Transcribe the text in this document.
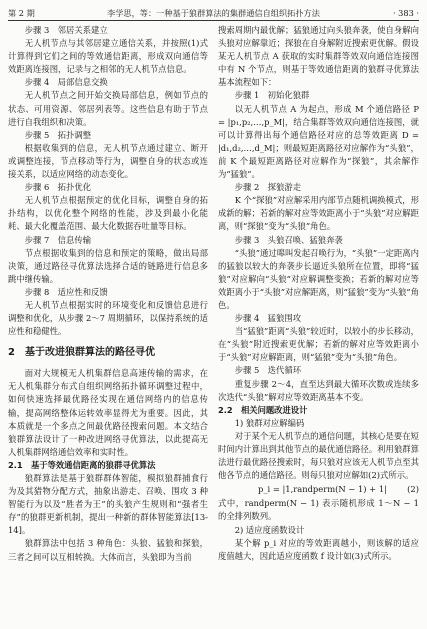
第 2 期	李学思，等：一种基于狼群算法的集群通信自组织拓扑方法	· 383 ·
步骤 3　邻居关系建立
无人机节点与其邻居建立通信关系，并按照(1)式计算得到它们之间的等效通信距离，形成双向通信等效距离连接图，记录与之相邻的无人机节点信息。
步骤 4　局部信息交换
无人机节点之间开始交换局部信息，例如节点的状态、可用资源、邻居列表等。这些信息有助于节点进行自我组织和决策。
步骤 5　拓扑调整
根据收集到的信息，无人机节点通过建立、断开或调整连接，节点移动等行为，调整自身的状态或连接关系，以适应网络的动态变化。
步骤 6　拓扑优化
无人机节点根据预定的优化目标，调整自身的拓扑结构，以优化整个网络的性能，涉及到最小化能耗、最大化覆盖范围、最大化数据吞吐量等目标。
步骤 7　信息传输
节点根据收集到的信息和预定的策略，做出局部决策，通过路径寻优算法选择合适的链路进行信息多跳中继传输。
步骤 8　适应性和反馈
无人机节点根据实时的环境变化和反馈信息进行调整和优化，从步骤 2～7 周期循环，以保持系统的适应性和稳健性。
2　基于改进狼群算法的路径寻优
面对大规模无人机集群信息高速传输的需求，在无人机集群分布式自组织网络拓扑循环调整过程中，如何快速选择最优路径实现在通信网络内的信息传输，提高网络整体运转效率显得尤为重要。因此，其本质就是一个多点之间最优路径搜索问题。本文结合狼群算法设计了一种改进网络寻优算法，以此提高无人机集群网络通信效率和实时性。
2.1　基于等效通信距离的狼群寻优算法
狼群算法是基于狼群群体智能，模拟狼群捕食行为及其猎物分配方式，抽象出游走、召唤、围攻 3 种智能行为以及“胜者为王”的头狼产生规则和“强者生存”的狼群更新机制，提出一种新的群体智能算法[13-14]。
狼群算法中包括 3 种角色：头狼、猛狼和探狼，三者之间可以互相转换。大体而言，头狼即为当前
搜索周期内最优解；猛狼通过向头狼奔袭，使自身解向头狼对应解靠近；探狼在自身解附近搜索更优解。假设某无人机节点 A 获取的实时集群等效双向通信连接图中有 N 个节点，则基于等效通信距离的狼群寻优算法基本流程如下：
步骤 1　初始化狼群
以无人机节点 A 为起点，形成 M 个通信路径 P = |p₁,p₂,…,p_M|，结合集群等效双向通信连接图，就可以计算得出每个通信路径对应的总等效距离 D = |d₁,d₂,…,d_M|；则最短距离路径对应解作为“头狼”，前 K 个最短距离路径对应解作为“探狼”，其余解作为“猛狼”。
步骤 2　探狼游走
K 个“探狼”对应解采用内部节点随机调换模式，形成新的解；若新的解对应等效距离小于“头狼”对应解距离，则“探狼”变为“头狼”角色。
步骤 3　头狼召唤、猛狼奔袭
“头狼”通过嗥叫发起召唤行为，“头狼”一定距离内的猛狼以较大的奔袭步长逼近头狼所在位置，即将“猛狼”对应解向“头狼”对应解调整变换；若新的解对应等效距离小于“头狼”对应解距离，则“猛狼”变为“头狼”角色。
步骤 4　猛狼围攻
当“猛狼”距离“头狼”较近时，以较小的步长移动，在“头狼”附近搜索更优解；若新的解对应等效距离小于“头狼”对应解距离，则“猛狼”变为“头狼”角色。
步骤 5　迭代循环
重复步骤 2～4，直至达到最大循环次数或连续多次迭代“头狼”解对应等效距离基本不变。
2.2　相关问题改进设计
1) 狼群对应解编码
对于某个无人机节点的通信问题，其核心是要在短时间内计算出到其他节点的最优通信路径。利用狼群算法进行最优路径搜索时，每只狼对应该无人机节点至其他各节点的通信路径。则每只狼对应解如(2)式所示。
p_i = |1,randperm(N − 1) + 1| (2)
式中，randperm(N − 1) 表示随机形成 1～N − 1 的全排列数列。
2) 适应度函数设计
某个解 p_i 对应的等效距离越小，则该解的适应度值越大，因此适应度函数 f 设计如(3)式所示。
